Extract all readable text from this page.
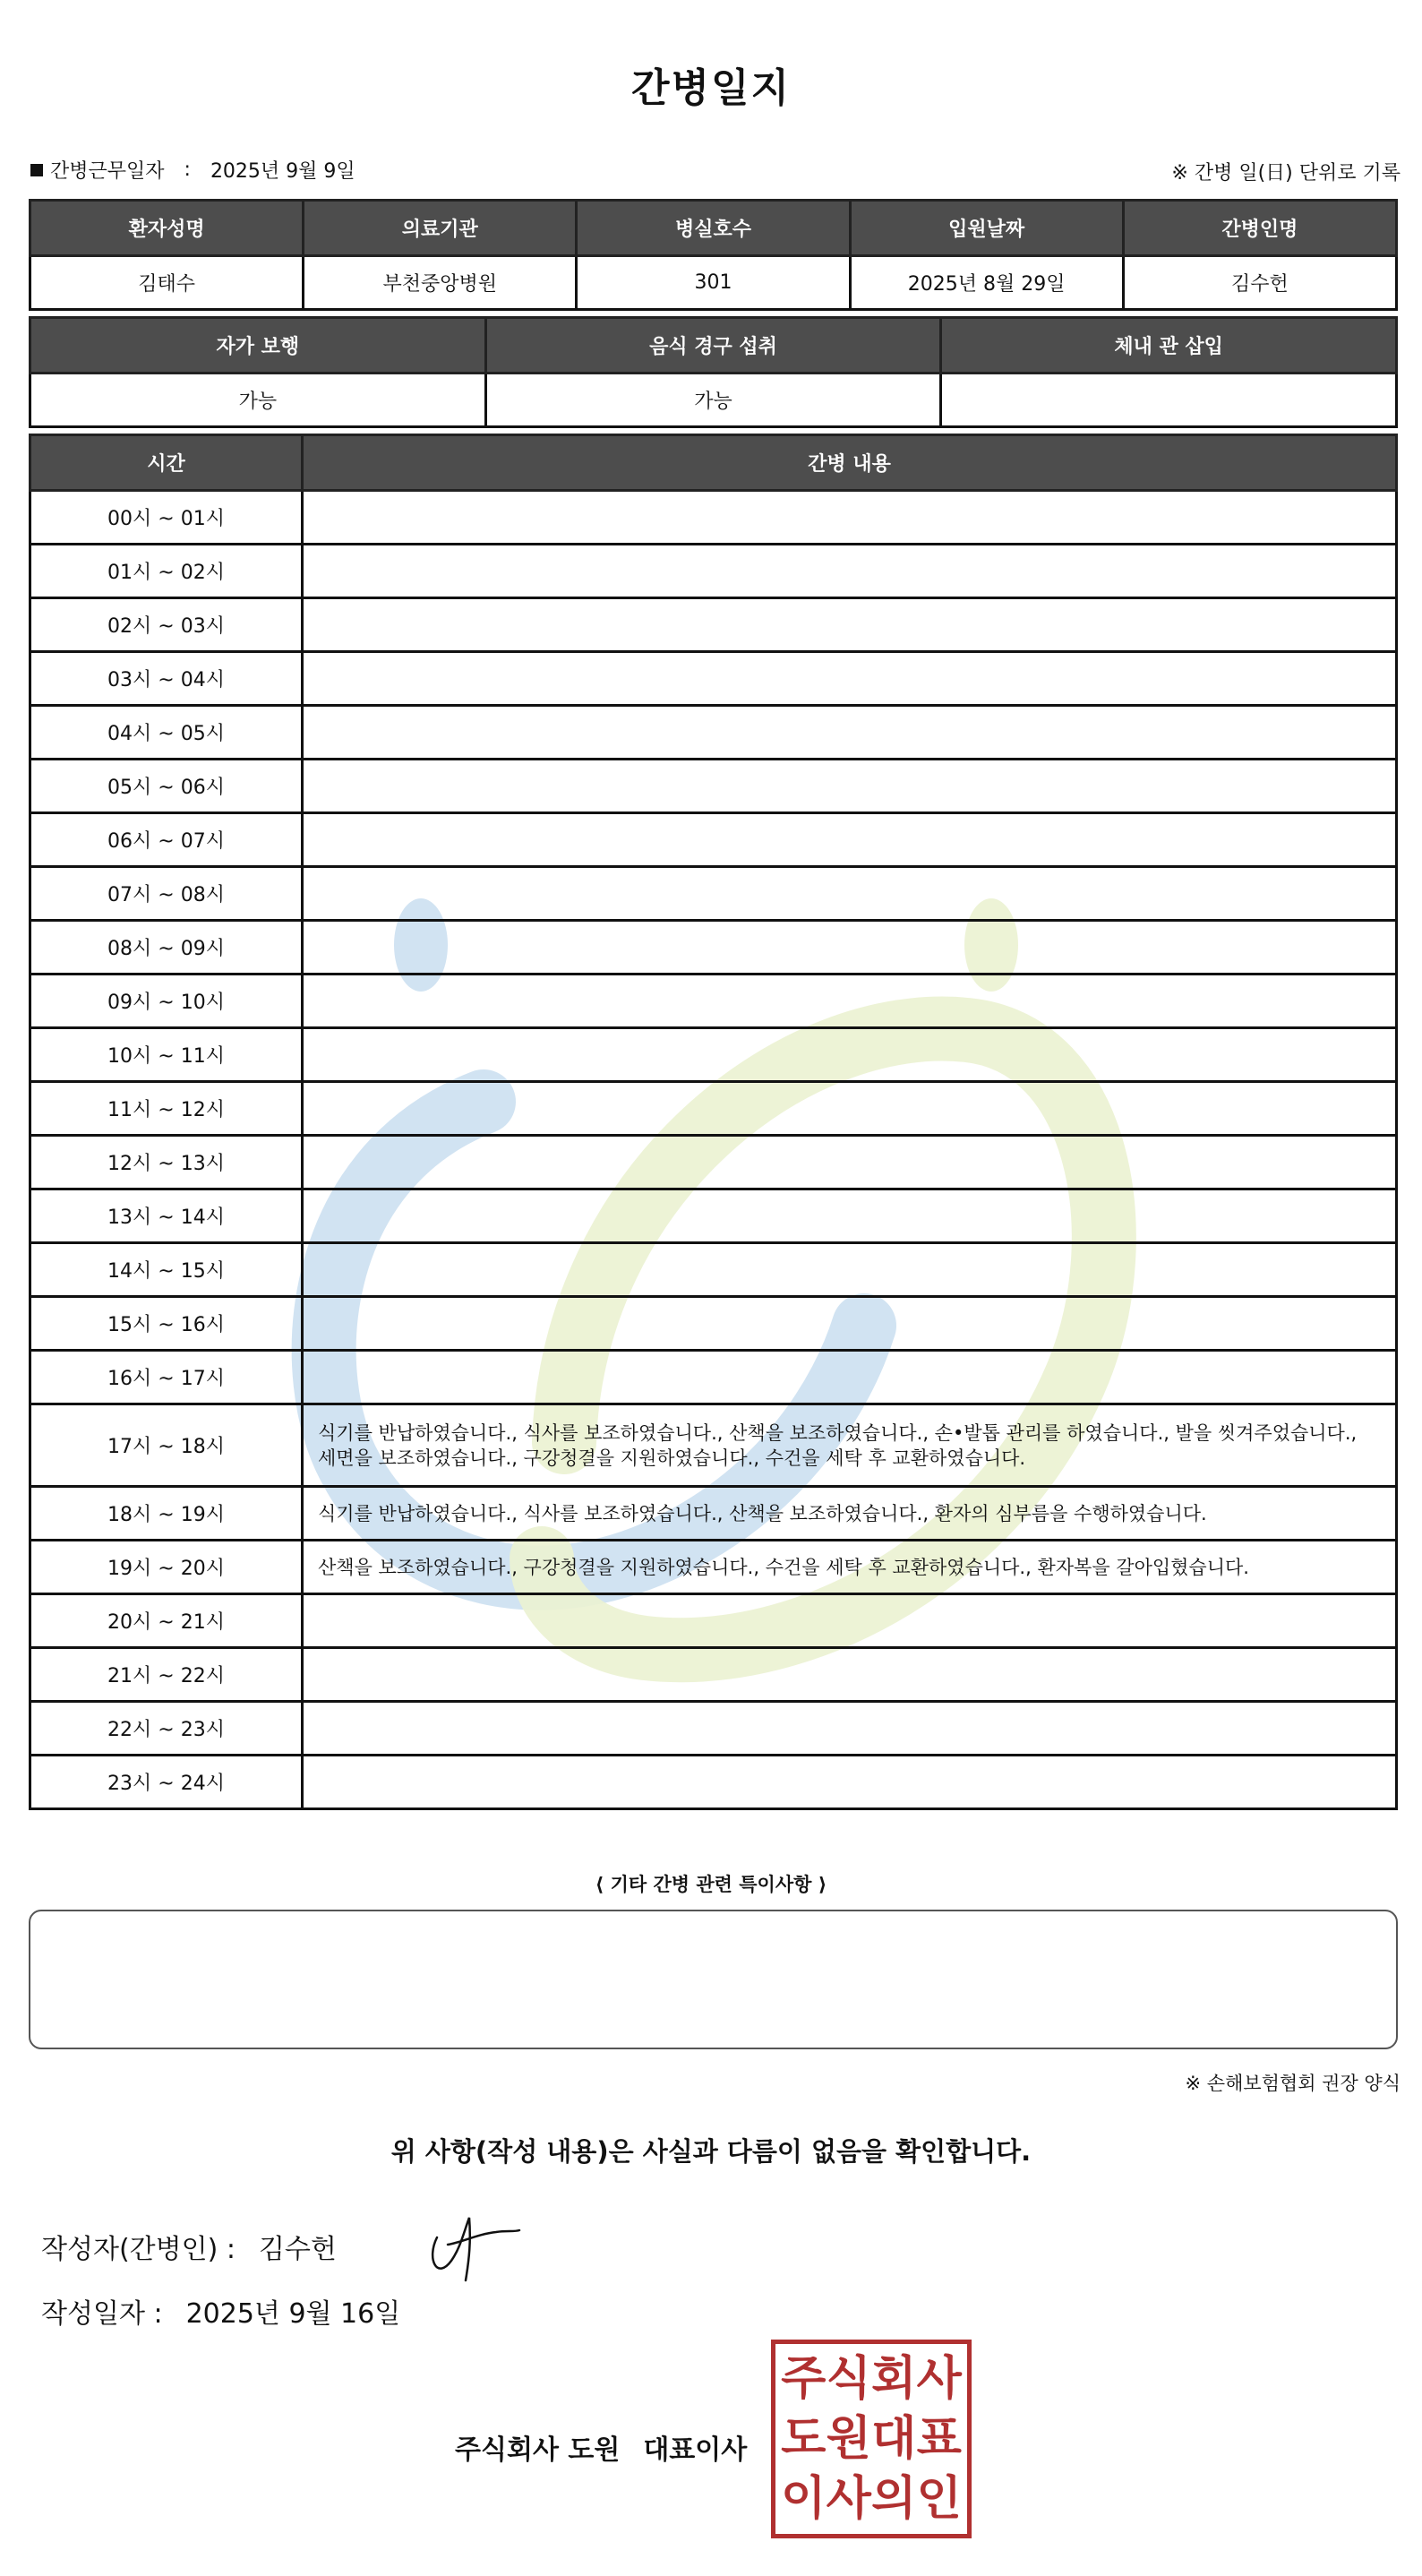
간병일지
간병근무일자 : 2025년 9월 9일	※ 간병 일(日) 단위로 기록
환자성명	의료기관	병실호수	입원날짜	간병인명
김태수	부천중앙병원	301	2025년 8월 29일	김수헌
자가 보행	음식 경구 섭취	체내 관 삽입
가능	가능	
시간	간병 내용
00시 ~ 01시	
01시 ~ 02시	
02시 ~ 03시	
03시 ~ 04시	
04시 ~ 05시	
05시 ~ 06시	
06시 ~ 07시	
07시 ~ 08시	
08시 ~ 09시	
09시 ~ 10시	
10시 ~ 11시	
11시 ~ 12시	
12시 ~ 13시	
13시 ~ 14시	
14시 ~ 15시	
15시 ~ 16시	
16시 ~ 17시	
17시 ~ 18시	식기를 반납하였습니다., 식사를 보조하였습니다., 산책을 보조하였습니다., 손•발톱 관리를 하였습니다., 발을 씻겨주었습니다., 세면을 보조하였습니다., 구강청결을 지원하였습니다., 수건을 세탁 후 교환하였습니다.
18시 ~ 19시	식기를 반납하였습니다., 식사를 보조하였습니다., 산책을 보조하였습니다., 환자의 심부름을 수행하였습니다.
19시 ~ 20시	산책을 보조하였습니다., 구강청결을 지원하였습니다., 수건을 세탁 후 교환하였습니다., 환자복을 갈아입혔습니다.
20시 ~ 21시	
21시 ~ 22시	
22시 ~ 23시	
23시 ~ 24시	
⟨ 기타 간병 관련 특이사항 ⟩
※ 손해보험협회 권장 양식
위 사항(작성 내용)은 사실과 다름이 없음을 확인합니다.
작성자(간병인) : 김수헌
작성일자 : 2025년 9월 16일
주식회사 도원 대표이사
주 식 회 사
도 원 대 표
이 사 의 인
